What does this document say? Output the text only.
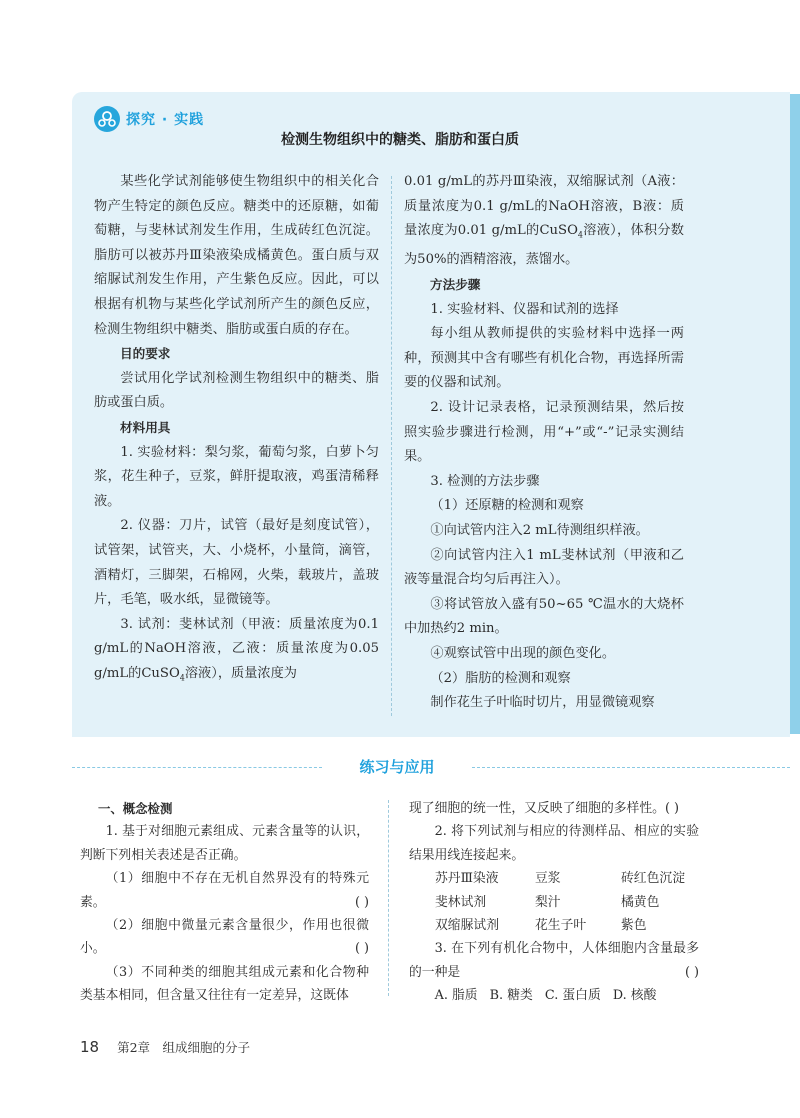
探究 · 实践
检测生物组织中的糖类、脂肪和蛋白质

某些化学试剂能够使生物组织中的相关化合物产生特定的颜色反应。糖类中的还原糖，如葡萄糖，与斐林试剂发生作用，生成砖红色沉淀。脂肪可以被苏丹Ⅲ染液染成橘黄色。蛋白质与双缩脲试剂发生作用，产生紫色反应。因此，可以根据有机物与某些化学试剂所产生的颜色反应，检测生物组织中糖类、脂肪或蛋白质的存在。

目的要求

尝试用化学试剂检测生物组织中的糖类、脂肪或蛋白质。

材料用具

1. 实验材料：梨匀浆，葡萄匀浆，白萝卜匀浆，花生种子，豆浆，鲜肝提取液，鸡蛋清稀释液。

2. 仪器：刀片，试管（最好是刻度试管），试管架，试管夹，大、小烧杯，小量筒，滴管，酒精灯，三脚架，石棉网，火柴，载玻片，盖玻片，毛笔，吸水纸，显微镜等。

3. 试剂：斐林试剂（甲液：质量浓度为0.1 g/mL的NaOH溶液，乙液：质量浓度为0.05 g/mL的CuSO$_4$溶液），质量浓度为

0.01 g/mL的苏丹Ⅲ染液，双缩脲试剂（A液：质量浓度为0.1 g/mL的NaOH溶液，B液：质量浓度为0.01 g/mL的CuSO$_4$溶液），体积分数为50%的酒精溶液，蒸馏水。

方法步骤

1. 实验材料、仪器和试剂的选择

每小组从教师提供的实验材料中选择一两种，预测其中含有哪些有机化合物，再选择所需要的仪器和试剂。

2. 设计记录表格，记录预测结果，然后按照实验步骤进行检测，用“+”或“-”记录实测结果。

3. 检测的方法步骤

（1）还原糖的检测和观察

①向试管内注入2 mL待测组织样液。

②向试管内注入1 mL斐林试剂（甲液和乙液等量混合均匀后再注入）。

③将试管放入盛有50~65 ℃温水的大烧杯中加热约2 min。

④观察试管中出现的颜色变化。

（2）脂肪的检测和观察

制作花生子叶临时切片，用显微镜观察

练习与应用
一、概念检测

1. 基于对细胞元素组成、元素含量等的认识，判断下列相关表述是否正确。

（1）细胞中不存在无机自然界没有的特殊元素。	( )

（2）细胞中微量元素含量很少，作用也很微小。	( )

（3）不同种类的细胞其组成元素和化合物种类基本相同，但含量又往往有一定差异，这既体

现了细胞的统一性，又反映了细胞的多样性。( )

2. 将下列试剂与相应的待测样品、相应的实验结果用线连接起来。

苏丹Ⅲ染液	豆浆	砖红色沉淀
斐林试剂	梨汁	橘黄色
双缩脲试剂	花生子叶	紫色

3. 在下列有机化合物中，人体细胞内含量最多的一种是	( )

A. 脂质 B. 糖类 C. 蛋白质 D. 核酸

18 第2章　组成细胞的分子
